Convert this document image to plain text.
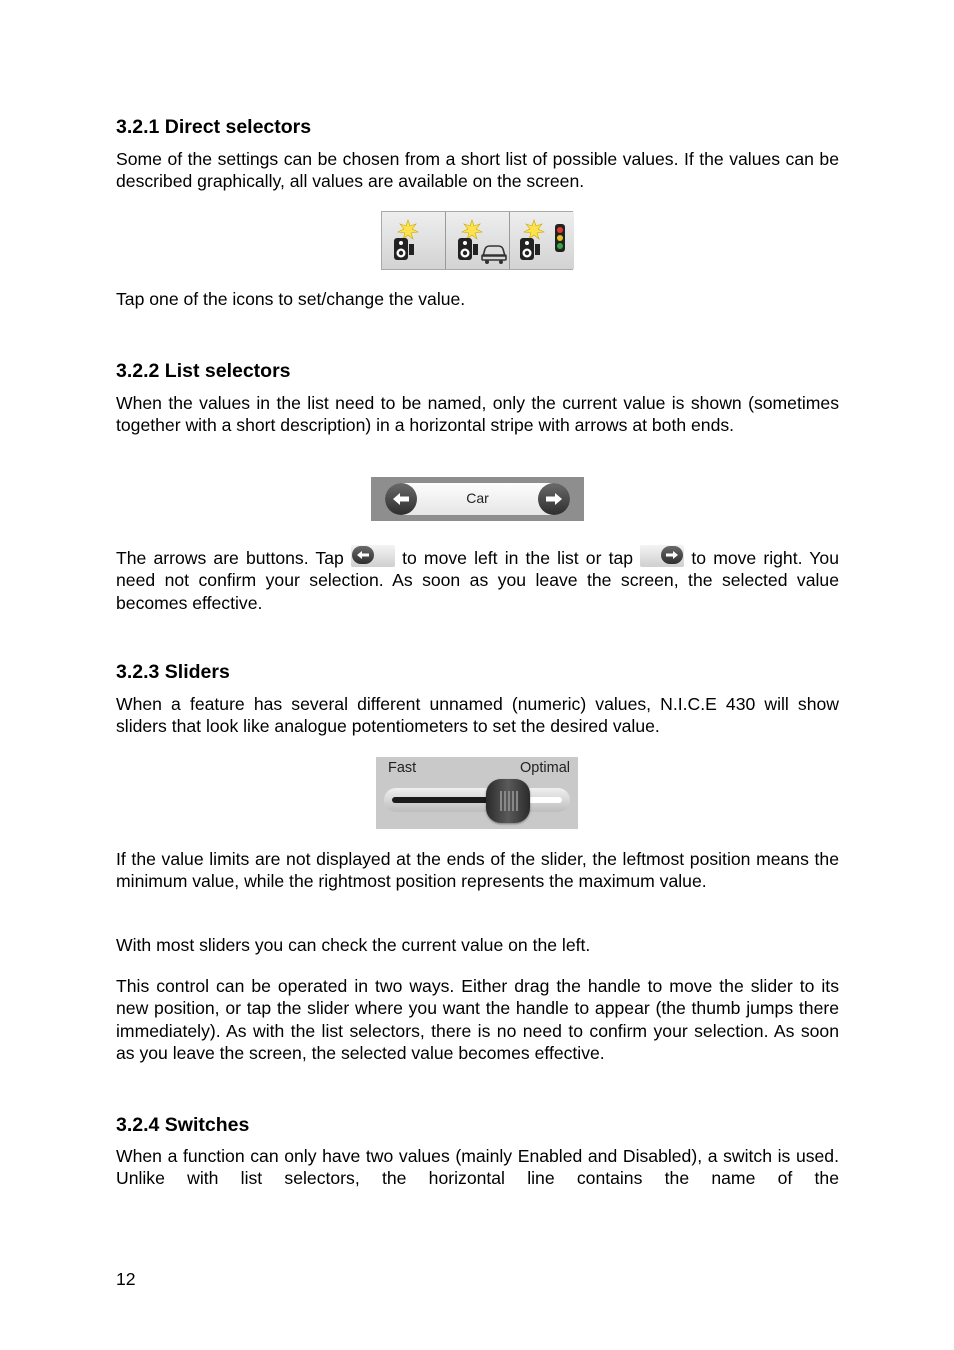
3.2.1 Direct selectors

Some of the settings can be chosen from a short list of possible values. If the values can be described graphically, all values are available on the screen.

Tap one of the icons to set/change the value.

3.2.2 List selectors

When the values in the list need to be named, only the current value is shown (sometimes together with a short description) in a horizontal stripe with arrows at both ends.

Car

The arrows are buttons. Tap	to move left in the list or tap	to move right. You need not confirm your selection. As soon as you leave the screen, the selected value becomes effective.

3.2.3 Sliders

When a feature has several different unnamed (numeric) values, N.I.C.E 430 will show sliders that look like analogue potentiometers to set the desired value.

Fast	Optimal

If the value limits are not displayed at the ends of the slider, the leftmost position means the minimum value, while the rightmost position represents the maximum value.

With most sliders you can check the current value on the left.

This control can be operated in two ways. Either drag the handle to move the slider to its new position, or tap the slider where you want the handle to appear (the thumb jumps there immediately). As with the list selectors, there is no need to confirm your selection. As soon as you leave the screen, the selected value becomes effective.

3.2.4 Switches

When a function can only have two values (mainly Enabled and Disabled), a switch is used. Unlike with list selectors, the horizontal line contains the name of the

12
